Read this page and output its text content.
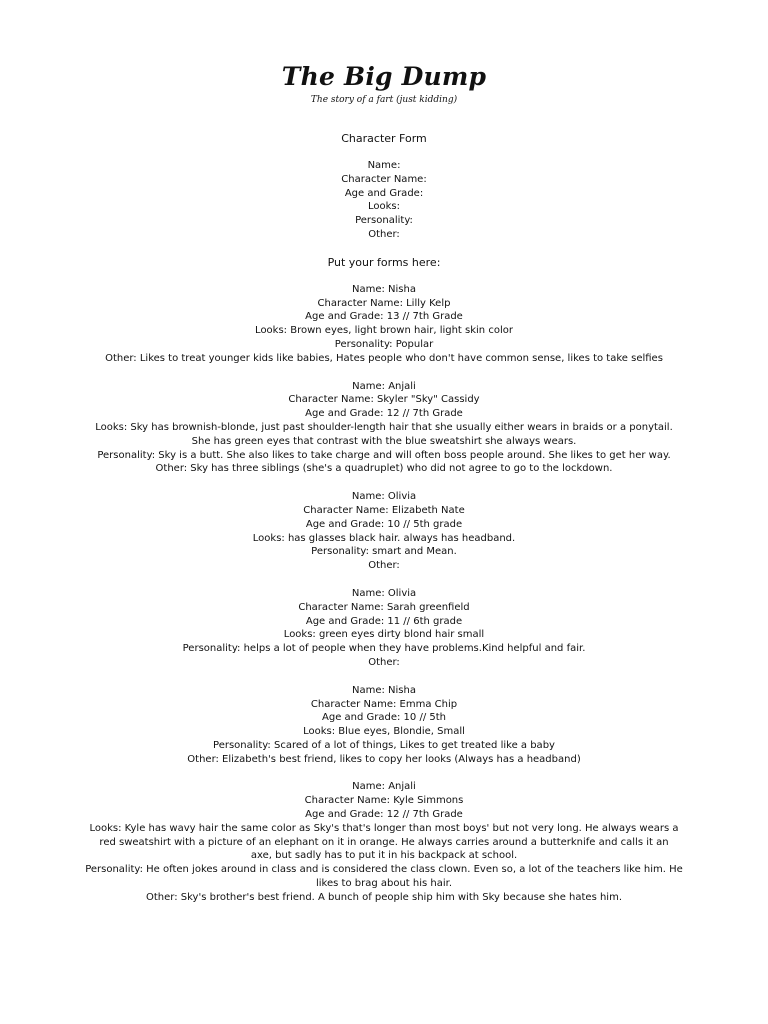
The Big Dump
The story of a fart (just kidding)
Character Form
Name:
Character Name:
Age and Grade:
Looks:
Personality:
Other:
Put your forms here:
Name: Nisha
Character Name: Lilly Kelp
Age and Grade: 13 // 7th Grade
Looks: Brown eyes, light brown hair, light skin color
Personality: Popular
Other: Likes to treat younger kids like babies, Hates people who don't have common sense, likes to take selfies
Name: Anjali
Character Name: Skyler "Sky" Cassidy
Age and Grade: 12 // 7th Grade
Looks: Sky has brownish-blonde, just past shoulder-length hair that she usually either wears in braids or a ponytail.
She has green eyes that contrast with the blue sweatshirt she always wears.
Personality: Sky is a butt. She also likes to take charge and will often boss people around. She likes to get her way.
Other: Sky has three siblings (she's a quadruplet) who did not agree to go to the lockdown.
Name: Olivia
Character Name: Elizabeth Nate
Age and Grade: 10 // 5th grade
Looks: has glasses black hair. always has headband.
Personality: smart and Mean.
Other:
Name: Olivia
Character Name: Sarah greenfield
Age and Grade: 11 // 6th grade
Looks: green eyes dirty blond hair small
Personality: helps a lot of people when they have problems.Kind helpful and fair.
Other:
Name: Nisha
Character Name: Emma Chip
Age and Grade: 10 // 5th
Looks: Blue eyes, Blondie, Small
Personality: Scared of a lot of things, Likes to get treated like a baby
Other: Elizabeth's best friend, likes to copy her looks (Always has a headband)
Name: Anjali
Character Name: Kyle Simmons
Age and Grade: 12 // 7th Grade
Looks: Kyle has wavy hair the same color as Sky's that's longer than most boys' but not very long. He always wears a
red sweatshirt with a picture of an elephant on it in orange. He always carries around a butterknife and calls it an
axe, but sadly has to put it in his backpack at school.
Personality: He often jokes around in class and is considered the class clown. Even so, a lot of the teachers like him. He
likes to brag about his hair.
Other: Sky's brother's best friend. A bunch of people ship him with Sky because she hates him.
